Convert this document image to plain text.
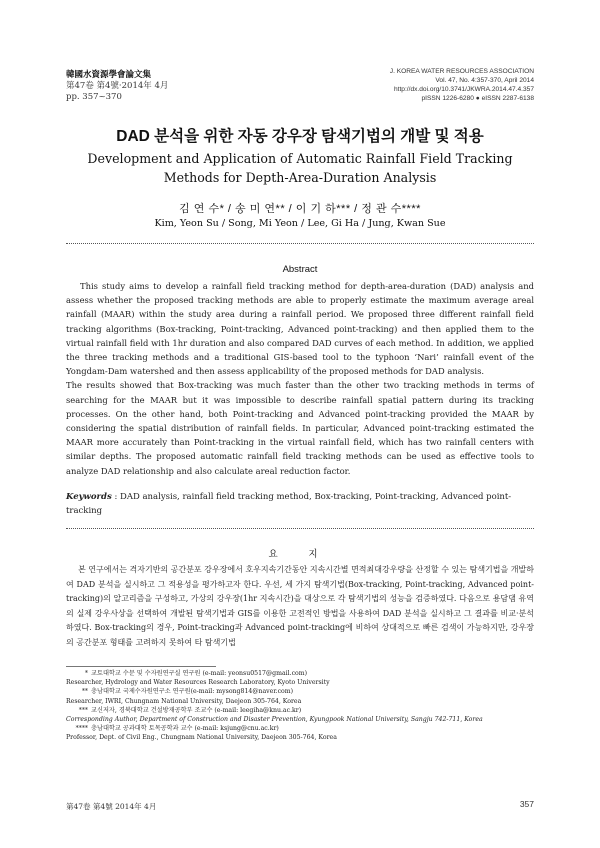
韓國水資源學會論文集
第47卷 第4號·2014年 4月
pp. 357~370
J. KOREA WATER RESOURCES ASSOCIATION
Vol. 47, No. 4:357-370, April 2014
http://dx.doi.org/10.3741/JKWRA.2014.47.4.357
pISSN 1226-6280 ● eISSN 2287-6138
DAD 분석을 위한 자동 강우장 탐색기법의 개발 및 적용
Development and Application of Automatic Rainfall Field Tracking Methods for Depth-Area-Duration Analysis
김 연 수* / 송 미 연** / 이 기 하*** / 정 관 수****
Kim, Yeon Su / Song, Mi Yeon / Lee, Gi Ha / Jung, Kwan Sue
Abstract

This study aims to develop a rainfall field tracking method for depth-area-duration (DAD) analysis and assess whether the proposed tracking methods are able to properly estimate the maximum average areal rainfall (MAAR) within the study area during a rainfall period. We proposed three different rainfall field tracking algorithms (Box-tracking, Point-tracking, Advanced point-tracking) and then applied them to the virtual rainfall field with 1hr duration and also compared DAD curves of each method. In addition, we applied the three tracking methods and a traditional GIS-based tool to the typhoon ‘Nari’ rainfall event of the Yongdam-Dam watershed and then assess applicability of the proposed methods for DAD analysis.

The results showed that Box-tracking was much faster than the other two tracking methods in terms of searching for the MAAR but it was impossible to describe rainfall spatial pattern during its tracking processes. On the other hand, both Point-tracking and Advanced point-tracking provided the MAAR by considering the spatial distribution of rainfall fields. In particular, Advanced point-tracking estimated the MAAR more accurately than Point-tracking in the virtual rainfall field, which has two rainfall centers with similar depths. The proposed automatic rainfall field tracking methods can be used as effective tools to analyze DAD relationship and also calculate areal reduction factor.

Keywords : DAD analysis, rainfall field tracking method, Box-tracking, Point-tracking, Advanced point-tracking
요 지

본 연구에서는 격자기반의 공간분포 강우장에서 호우지속기간동안 지속시간별 면적최대강우량을 산정할 수 있는 탐색기법을 개발하여 DAD 분석을 실시하고 그 적용성을 평가하고자 한다. 우선, 세 가지 탐색기법(Box-tracking, Point-tracking, Advanced point-tracking)의 알고리즘을 구성하고, 가상의 강우장(1hr 지속시간)을 대상으로 각 탐색기법의 성능을 검증하였다. 다음으로 용담댐 유역의 실제 강우사상을 선택하여 개발된 탐색기법과 GIS를 이용한 고전적인 방법을 사용하여 DAD 분석을 실시하고 그 결과를 비교·분석하였다. Box-tracking의 경우, Point-tracking과 Advanced point-tracking에 비하여 상대적으로 빠른 검색이 가능하지만, 강우장의 공간분포 형태를 고려하지 못하여 타 탐색기법

* 교토대학교 수문 및 수자원연구실 연구원 (e-mail: yeonsu0517@gmail.com)
Researcher, Hydrology and Water Resources Research Laboratory, Kyoto University
** 충남대학교 국제수자원연구소 연구원(e-mail: mysong814@naver.com)
Researcher, IWRI, Chungnam National University, Daejeon 305-764, Korea
*** 교신저자, 경북대학교 건설방재공학부 조교수 (e-mail: leegiha@knu.ac.kr)
Corresponding Author, Department of Construction and Disaster Prevention, Kyungpook National University, Sangju 742-711, Korea
**** 충남대학교 공과대학 토목공학과 교수 (e-mail: ksjung@cnu.ac.kr)
Professor, Dept. of Civil Eng., Chungnam National University, Daejeon 305-764, Korea
第47卷 第4號 2014年 4月	357
